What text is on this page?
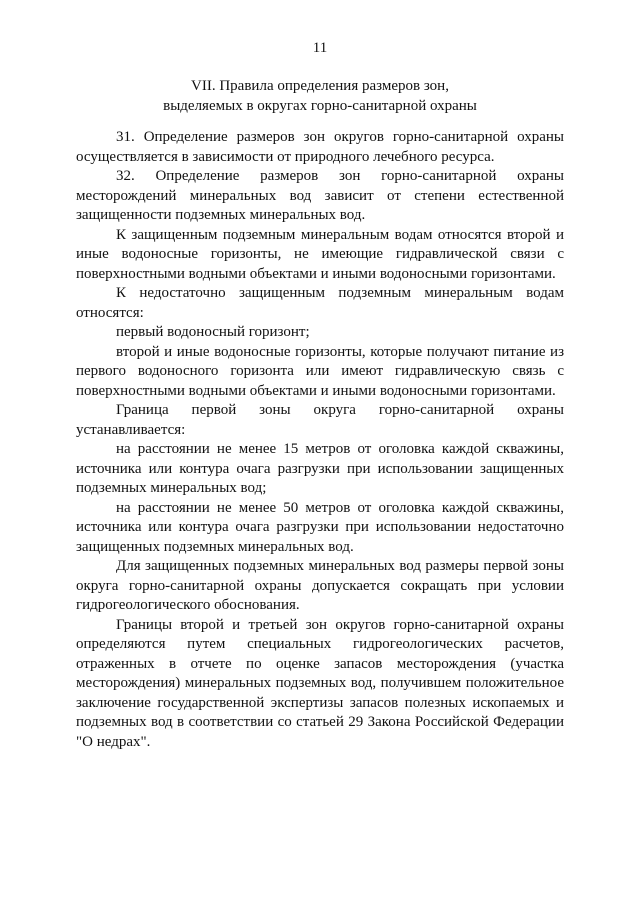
11
VII. Правила определения размеров зон,
выделяемых в округах горно-санитарной охраны

31. Определение размеров зон округов горно-санитарной охраны осуществляется в зависимости от природного лечебного ресурса.

32. Определение размеров зон горно-санитарной охраны месторождений минеральных вод зависит от степени естественной защищенности подземных минеральных вод.

К защищенным подземным минеральным водам относятся второй и иные водоносные горизонты, не имеющие гидравлической связи с поверхностными водными объектами и иными водоносными горизонтами.

К недостаточно защищенным подземным минеральным водам относятся:

первый водоносный горизонт;

второй и иные водоносные горизонты, которые получают питание из первого водоносного горизонта или имеют гидравлическую связь с поверхностными водными объектами и иными водоносными горизонтами.

Граница первой зоны округа горно-санитарной охраны устанавливается:

на расстоянии не менее 15 метров от оголовка каждой скважины, источника или контура очага разгрузки при использовании защищенных подземных минеральных вод;

на расстоянии не менее 50 метров от оголовка каждой скважины, источника или контура очага разгрузки при использовании недостаточно защищенных подземных минеральных вод.

Для защищенных подземных минеральных вод размеры первой зоны округа горно-санитарной охраны допускается сокращать при условии гидрогеологического обоснования.

Границы второй и третьей зон округов горно-санитарной охраны определяются путем специальных гидрогеологических расчетов, отраженных в отчете по оценке запасов месторождения (участка месторождения) минеральных подземных вод, получившем положительное заключение государственной экспертизы запасов полезных ископаемых и подземных вод в соответствии со статьей 29 Закона Российской Федерации "О недрах".
